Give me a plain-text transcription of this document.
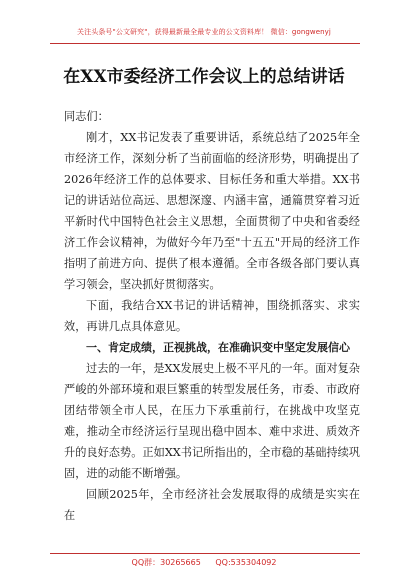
关注头条号"公文研究"，获得最新最全最专业的公文资料库！ 微信：gongwenyj
在XX市委经济工作会议上的总结讲话

同志们：

刚才，XX书记发表了重要讲话，系统总结了2025年全市经济工作，深刻分析了当前面临的经济形势，明确提出了2026年经济工作的总体要求、目标任务和重大举措。XX书记的讲话站位高远、思想深邃、内涵丰富，通篇贯穿着习近平新时代中国特色社会主义思想，全面贯彻了中央和省委经济工作会议精神，为做好今年乃至"十五五"开局的经济工作指明了前进方向、提供了根本遵循。全市各级各部门要认真学习领会，坚决抓好贯彻落实。

下面，我结合XX书记的讲话精神，围绕抓落实、求实效，再讲几点具体意见。

一、肯定成绩，正视挑战，在准确识变中坚定发展信心

过去的一年，是XX发展史上极不平凡的一年。面对复杂严峻的外部环境和艰巨繁重的转型发展任务，市委、市政府团结带领全市人民，在压力下承重前行，在挑战中攻坚克难，推动全市经济运行呈现出稳中固本、难中求进、质效齐升的良好态势。正如XX书记所指出的，全市稳的基础持续巩固，进的动能不断增强。

回顾2025年，全市经济社会发展取得的成绩是实实在在

QQ群：30265665 QQ:535304092
